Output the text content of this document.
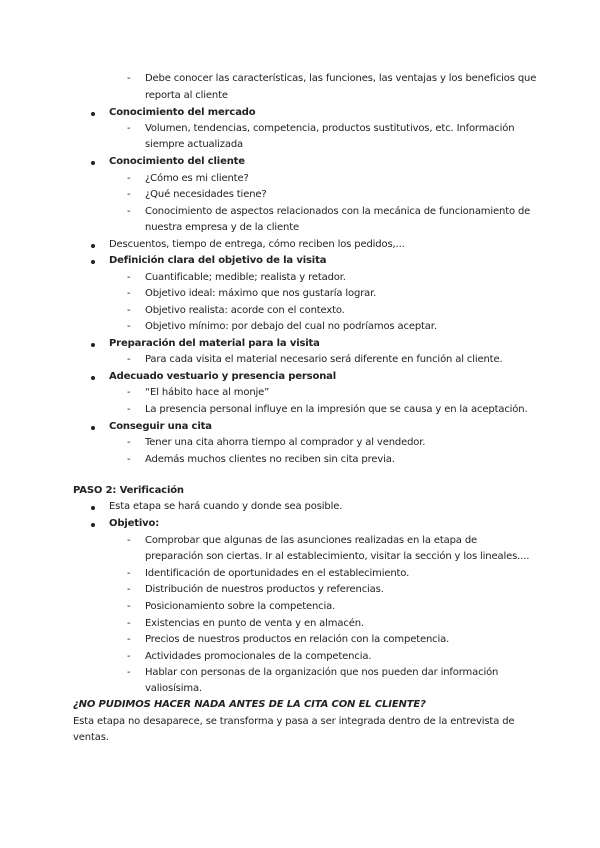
- Debe conocer las características, las funciones, las ventajas y los beneficios que
reporta al cliente
Conocimiento del mercado
- Volumen, tendencias, competencia, productos sustitutivos, etc. Información
siempre actualizada
Conocimiento del cliente
- ¿Cómo es mi cliente?
- ¿Qué necesidades tiene?
- Conocimiento de aspectos relacionados con la mecánica de funcionamiento de
nuestra empresa y de la cliente
Descuentos, tiempo de entrega, cómo reciben los pedidos,...
Definición clara del objetivo de la visita
- Cuantificable; medible; realista y retador.
- Objetivo ideal: máximo que nos gustaría lograr.
- Objetivo realista: acorde con el contexto.
- Objetivo mínimo: por debajo del cual no podríamos aceptar.
Preparación del material para la visita
- Para cada visita el material necesario será diferente en función al cliente.
Adecuado vestuario y presencia personal
- “El hábito hace al monje”
- La presencia personal influye en la impresión que se causa y en la aceptación.
Conseguir una cita
- Tener una cita ahorra tiempo al comprador y al vendedor.
- Además muchos clientes no reciben sin cita previa.
PASO 2: Verificación
Esta etapa se hará cuando y donde sea posible.
Objetivo:
- Comprobar que algunas de las asunciones realizadas en la etapa de
preparación son ciertas. Ir al establecimiento, visitar la sección y los lineales....
- Identificación de oportunidades en el establecimiento.
- Distribución de nuestros productos y referencias.
- Posicionamiento sobre la competencia.
- Existencias en punto de venta y en almacén.
- Precios de nuestros productos en relación con la competencia.
- Actividades promocionales de la competencia.
- Hablar con personas de la organización que nos pueden dar información
valiosísima.
¿NO PUDIMOS HACER NADA ANTES DE LA CITA CON EL CLIENTE?
Esta etapa no desaparece, se transforma y pasa a ser integrada dentro de la entrevista de
ventas.
